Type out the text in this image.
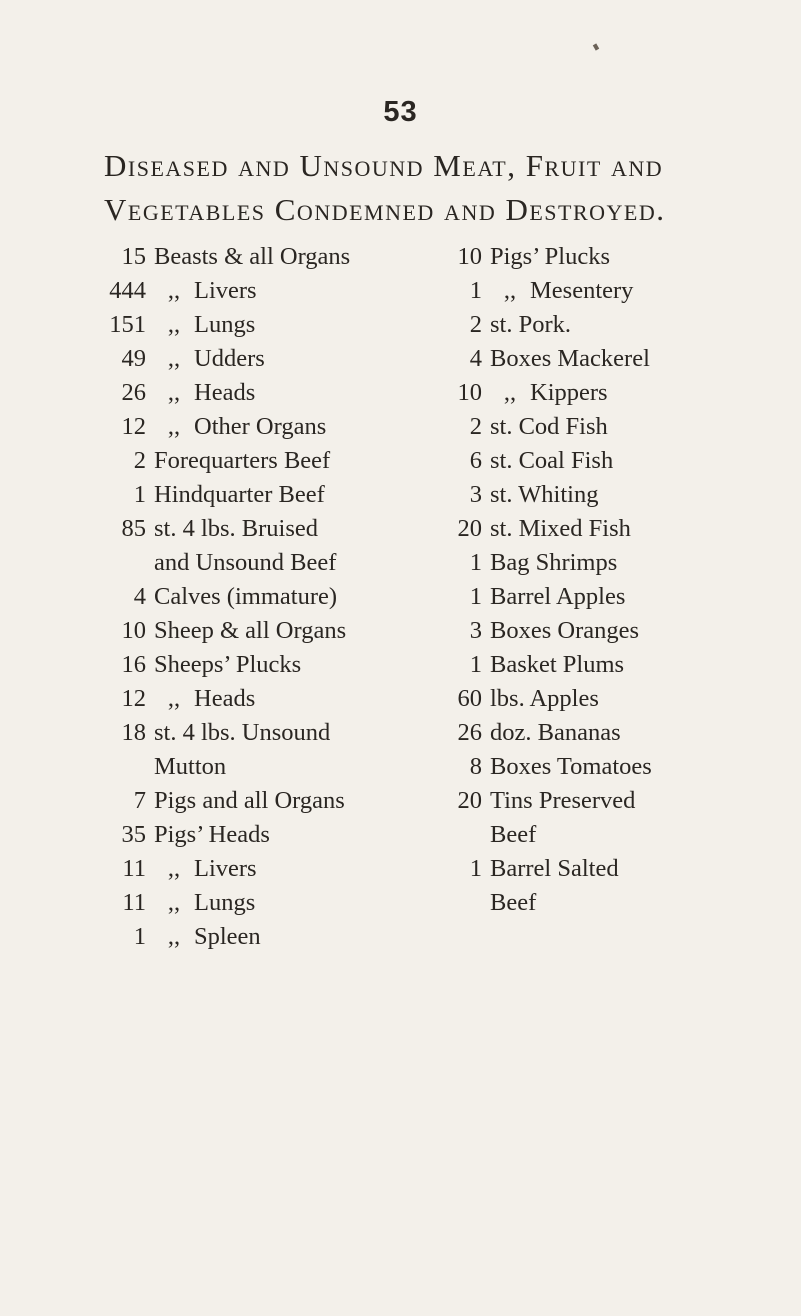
53
Diseased and Unsound Meat, Fruit and
Vegetables Condemned and Destroyed.
15 Beasts & all Organs
444 ,, Livers
151 ,, Lungs
49 ,, Udders
26 ,, Heads
12 ,, Other Organs
2 Forequarters Beef
1 Hindquarter Beef
85 st. 4 lbs. Bruised
and Unsound Beef
4 Calves (immature)
10 Sheep & all Organs
16 Sheeps’ Plucks
12 ,, Heads
18 st. 4 lbs. Unsound
Mutton
7 Pigs and all Organs
35 Pigs’ Heads
11 ,, Livers
11 ,, Lungs
1 ,, Spleen
10 Pigs’ Plucks
1 ,, Mesentery
2 st. Pork.
4 Boxes Mackerel
10 ,, Kippers
2 st. Cod Fish
6 st. Coal Fish
3 st. Whiting
20 st. Mixed Fish
1 Bag Shrimps
1 Barrel Apples
3 Boxes Oranges
1 Basket Plums
60 lbs. Apples
26 doz. Bananas
8 Boxes Tomatoes
20 Tins Preserved
Beef
1 Barrel Salted
Beef
